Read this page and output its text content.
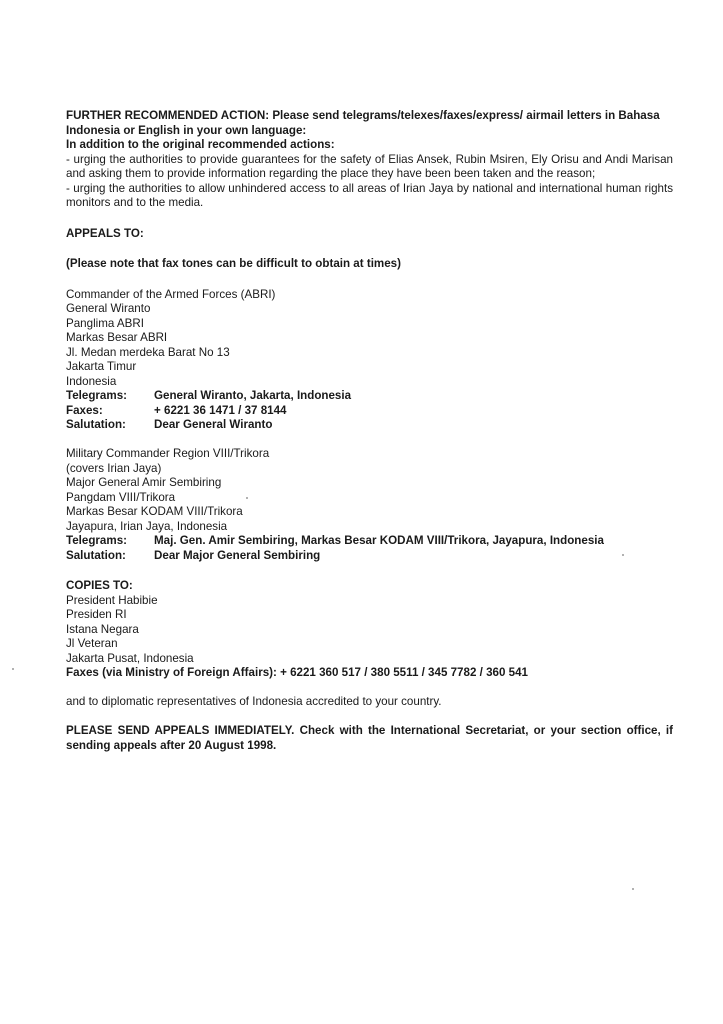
FURTHER RECOMMENDED ACTION: Please send telegrams/telexes/faxes/express/ airmail letters in Bahasa
Indonesia or English in your own language:
In addition to the original recommended actions:
- urging the authorities to provide guarantees for the safety of Elias Ansek, Rubin Msiren, Ely Orisu and Andi Marisan and asking them to provide information regarding the place they have been been taken and the reason;
- urging the authorities to allow unhindered access to all areas of Irian Jaya by national and international human rights monitors and to the media.
APPEALS TO:
(Please note that fax tones can be difficult to obtain at times)
Commander of the Armed Forces (ABRI)
General Wiranto
Panglima ABRI
Markas Besar ABRI
Jl. Medan merdeka Barat No 13
Jakarta Timur
Indonesia
Telegrams:	General Wiranto, Jakarta, Indonesia
Faxes:	+ 6221 36 1471 / 37 8144
Salutation:	Dear General Wiranto
Military Commander Region VIII/Trikora
(covers Irian Jaya)
Major General Amir Sembiring
Pangdam VIII/Trikora
Markas Besar KODAM VIII/Trikora
Jayapura, Irian Jaya, Indonesia
Telegrams:	Maj. Gen. Amir Sembiring, Markas Besar KODAM VIII/Trikora, Jayapura, Indonesia
Salutation:	Dear Major General Sembiring
COPIES TO:
President Habibie
Presiden RI
Istana Negara
Jl Veteran
Jakarta Pusat, Indonesia
Faxes (via Ministry of Foreign Affairs): + 6221 360 517 / 380 5511 / 345 7782 / 360 541
and to diplomatic representatives of Indonesia accredited to your country.
PLEASE SEND APPEALS IMMEDIATELY. Check with the International Secretariat, or your section office, if sending appeals after 20 August 1998.
